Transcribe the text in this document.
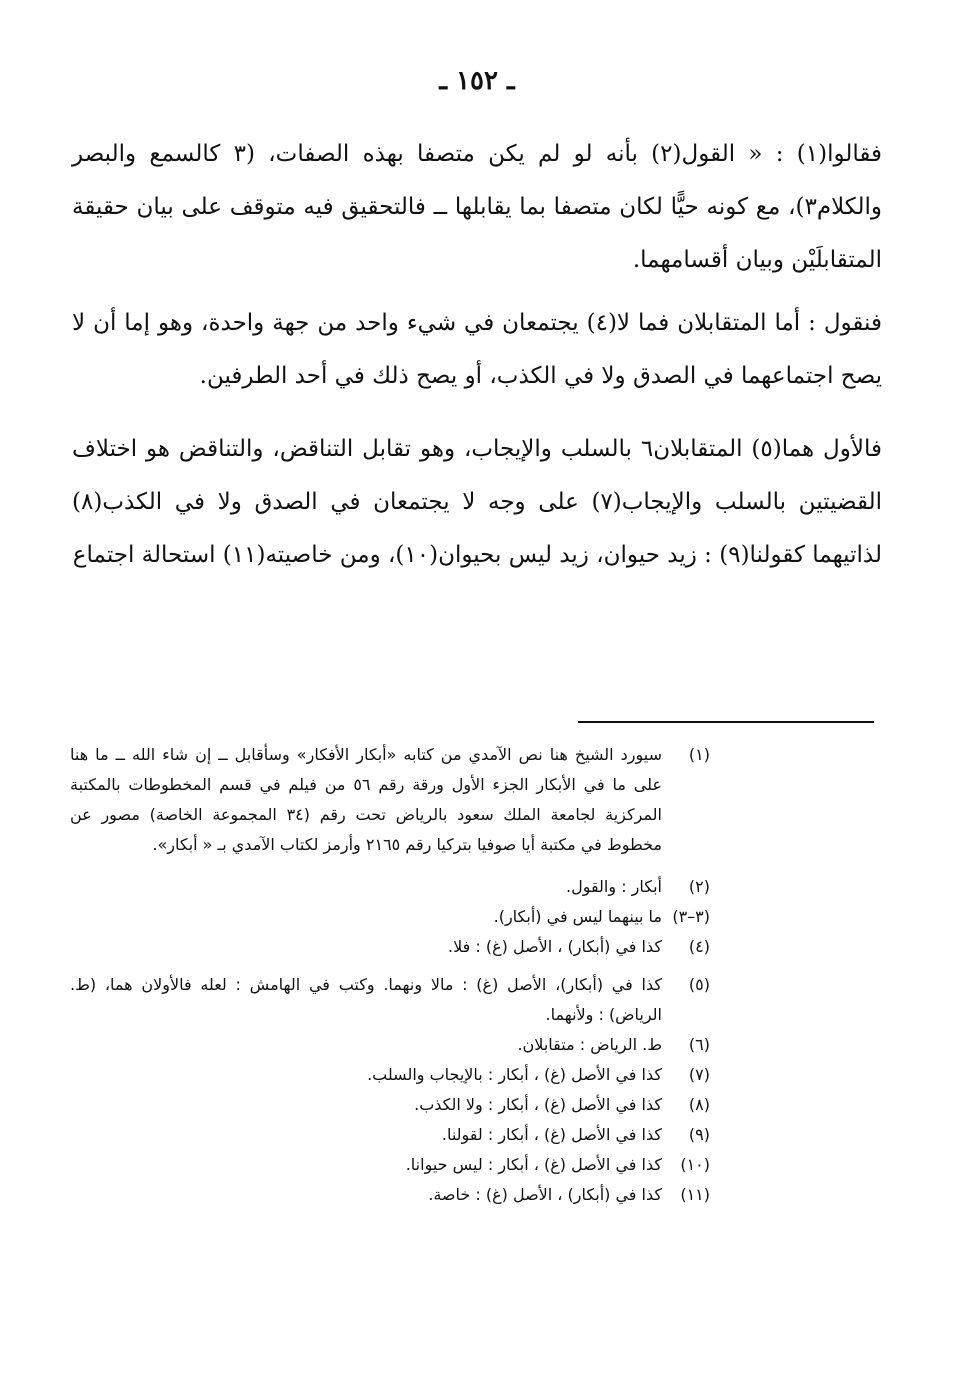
ـ ١٥٢ ـ

فقالوا(١) : « القول(٢) بأنه لو لم يكن متصفا بهذه الصفات، (٣ كالسمع والبصر والكلام٣)، مع كونه حيًّا لكان متصفا بما يقابلها ــ فالتحقيق فيه متوقف على بيان حقيقة المتقابلَيْن وبيان أقسامهما.

فنقول : أما المتقابلان فما لا(٤) يجتمعان في شيء واحد من جهة واحدة، وهو إما أن لا يصح اجتماعهما في الصدق ولا في الكذب، أو يصح ذلك في أحد الطرفين.

فالأول هما(٥) المتقابلان٦ بالسلب والإيجاب، وهو تقابل التناقض، والتناقض هو اختلاف القضيتين بالسلب والإيجاب(٧) على وجه لا يجتمعان في الصدق ولا في الكذب(٨) لذاتيهما كقولنا(٩) : زيد حيوان، زيد ليس بحيوان(١٠)، ومن خاصيته(١١) استحالة اجتماع

(١)
سيورد الشيخ هنا نص الآمدي من كتابه «أبكار الأفكار» وسأقابل ــ إن شاء الله ــ ما هنا على ما في الأبكار الجزء الأول ورقة رقم ٥٦ من فيلم في قسم المخطوطات بالمكتبة المركزية لجامعة الملك سعود بالرياض تحت رقم (٣٤ المجموعة الخاصة) مصور عن مخطوط في مكتبة أيا صوفيا بتركيا رقم ٢١٦٥ وأرمز لكتاب الآمدي بـ « أبكار».
(٢)
أبكار : والقول.
(٣–٣)
ما بينهما ليس في (أبكار).
(٤)
كذا في (أبكار) ، الأصل (غ) : فلا.
(٥)
كذا في (أبكار)، الأصل (غ) : مالا ونهما. وكتب في الهامش : لعله فالأولان هما، (ط. الرياض) : ولأنهما.
(٦)
ط. الرياض : متقابلان.
(٧)
كذا في الأصل (غ) ، أبكار : بالإيجاب والسلب.
(٨)
كذا في الأصل (غ) ، أبكار : ولا الكذب.
(٩)
كذا في الأصل (غ) ، أبكار : لقولنا.
(١٠)
كذا في الأصل (غ) ، أبكار : ليس حيوانا.
(١١)
كذا في (أبكار) ، الأصل (غ) : خاصة.
